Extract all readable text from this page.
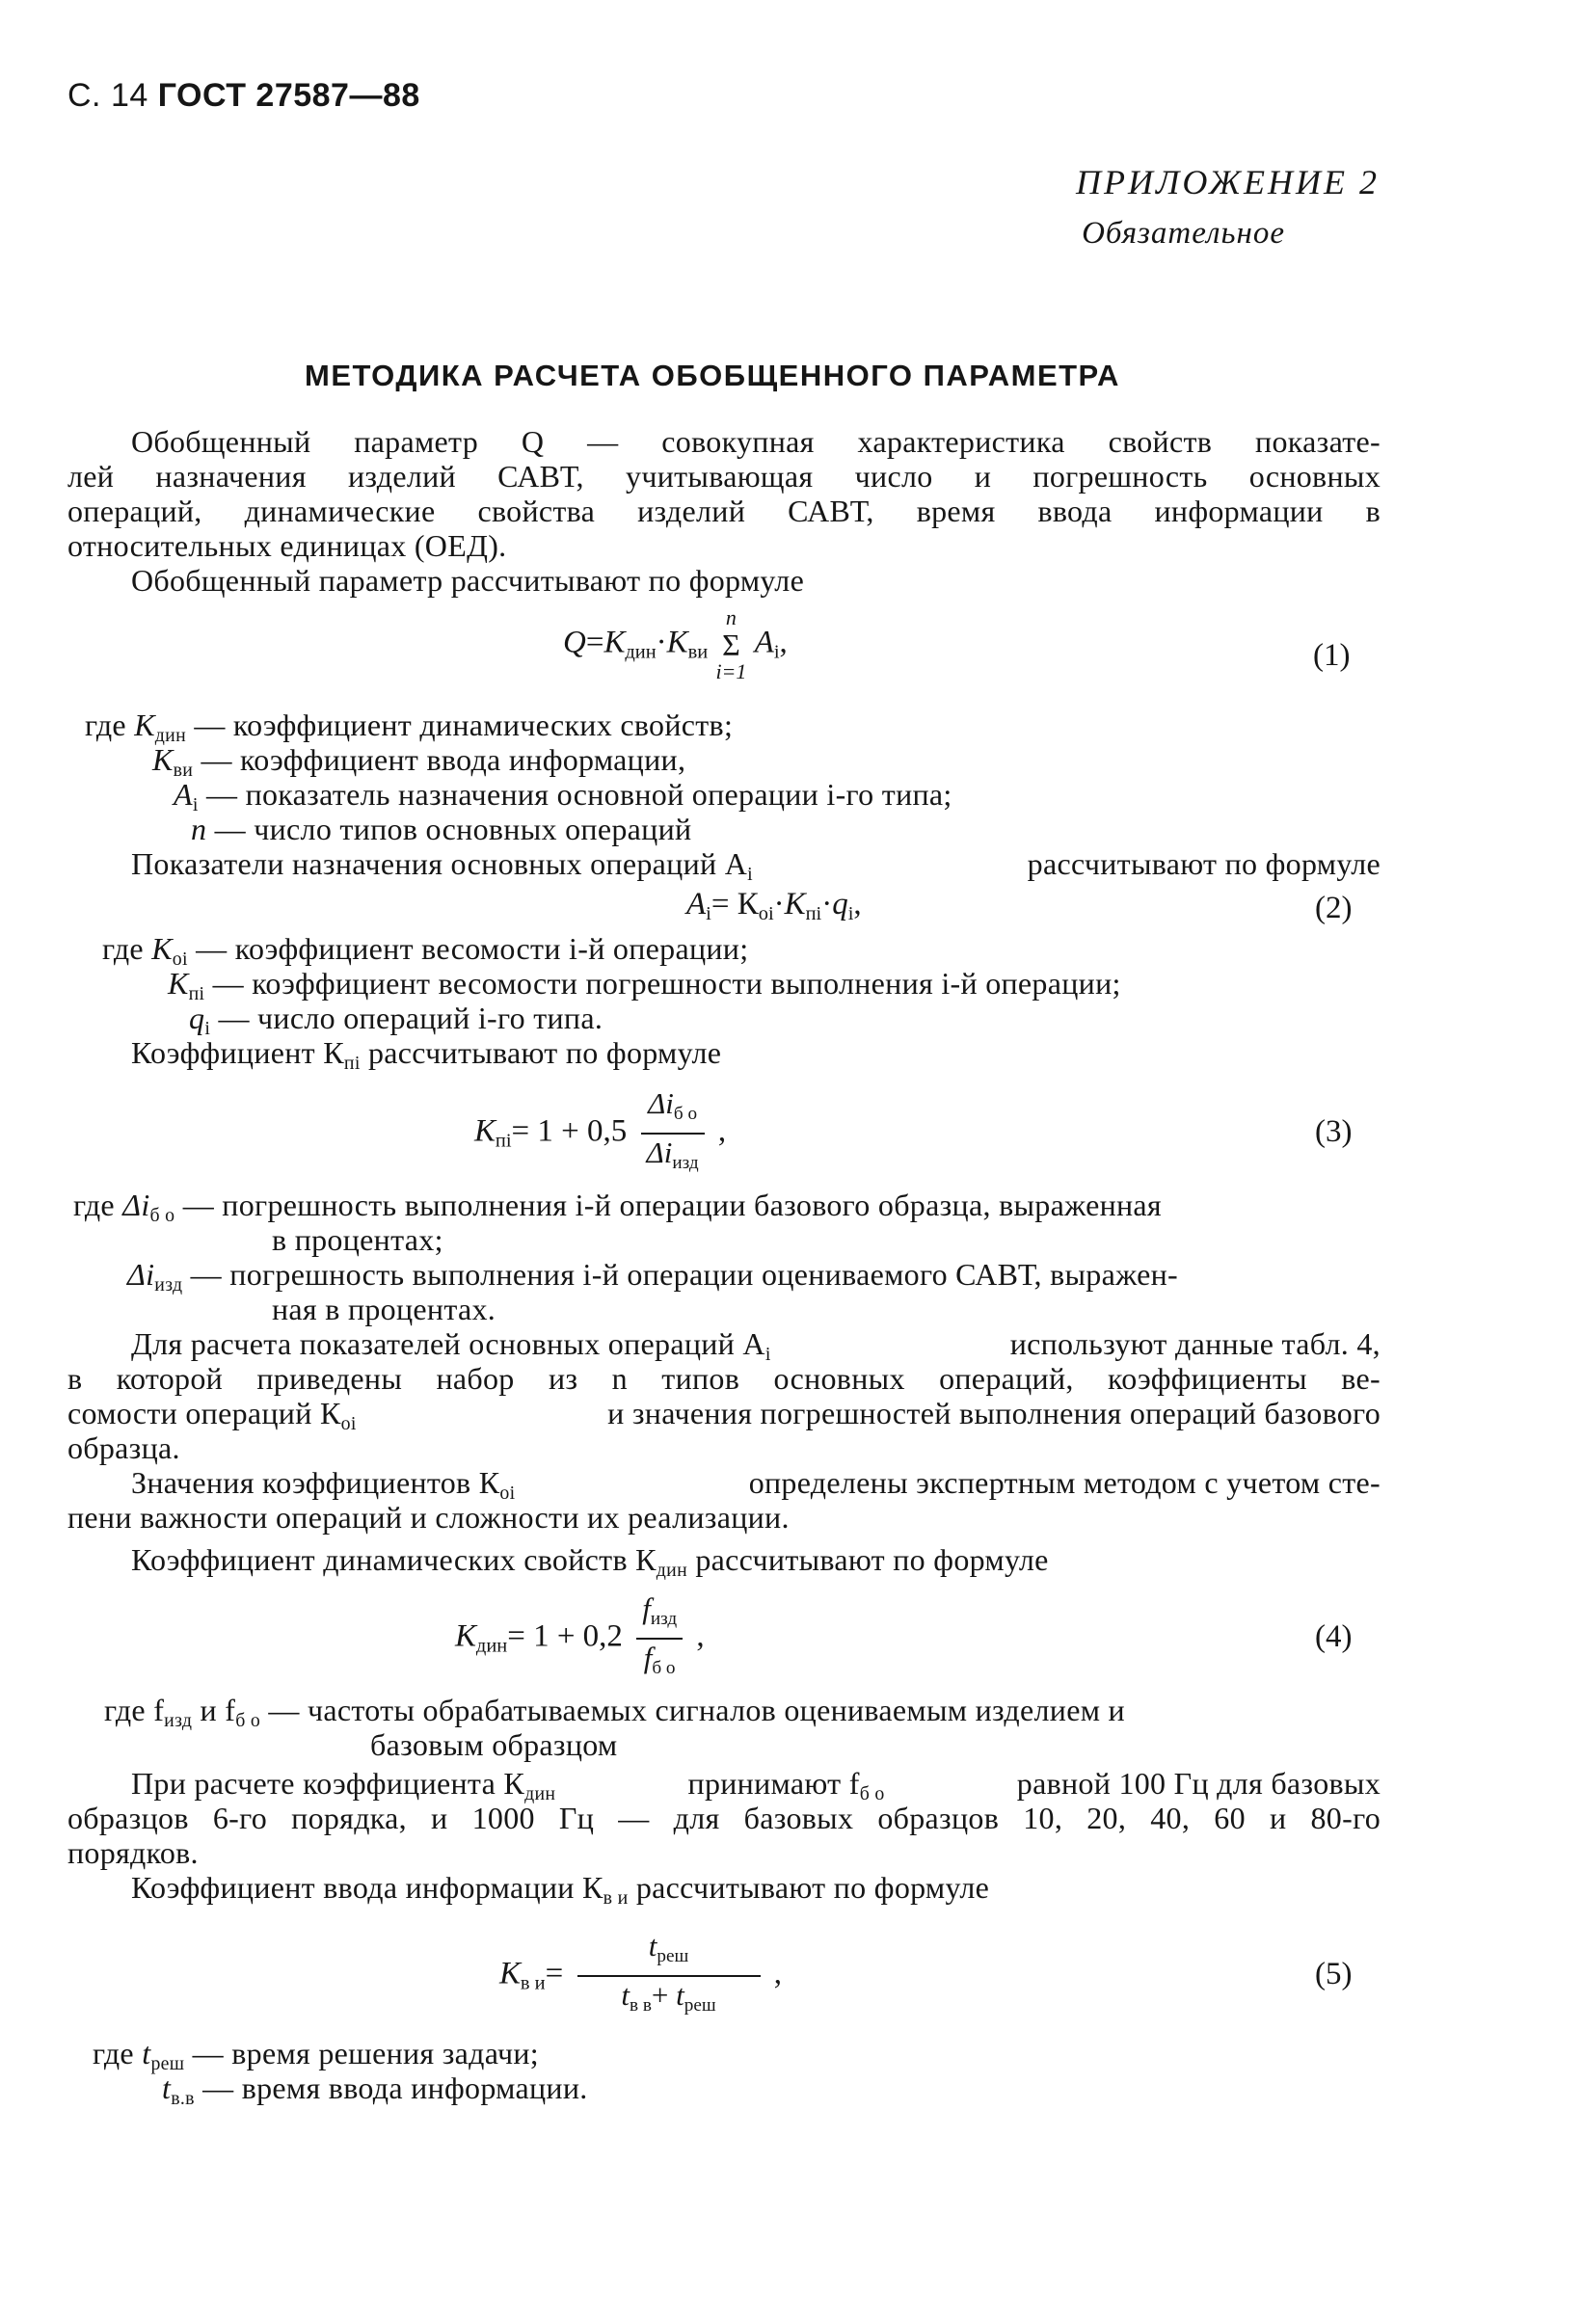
С. 14 ГОСТ 27587—88
ПРИЛОЖЕНИЕ 2
Обязательное
МЕТОДИКА РАСЧЕТА ОБОБЩЕННОГО ПАРАМЕТРА
Обобщенный параметр Q — совокупная характеристика свойств показате-
лей назначения изделий САВТ, учитывающая число и погрешность основных
операций, динамические свойства изделий САВТ, время ввода информации в
относительных единицах (ОЕД).
Обобщенный параметр рассчитывают по формуле
$Q=К_{дин}\cdot К_{ви}$
n
Σ
i=1
$A_i$,	(1)
где $К_{дин}$ — коэффициент динамических свойств;
$К_{ви}$ — коэффициент ввода информации,
$A_i$ — показатель назначения основной операции i-го типа;
n — число типов основных операций
Показатели назначения основных операций $A_i$	рассчитывают по формуле
$A_i= К_{оi}\cdot К_{пi}\cdot q_i$,	(2)
где $К_{оi}$ — коэффициент весомости i-й операции;
$К_{пi}$ — коэффициент весомости погрешности выполнения i-й операции;
$q_i$ — число операций i-го типа.
Коэффициент $К_{пi}$ рассчитывают по формуле
$К_{пi}= 1 + 0,5 \frac{\Delta i_{б о}}{\Delta i_{изд}}$ ,	(3)
где $\Delta i_{б о}$ — погрешность выполнения i-й операции базового образца, выраженная
в процентах;
$\Delta i_{изд}$ — погрешность выполнения i-й операции оцениваемого САВТ, выражен-
ная в процентах.
Для расчета показателей основных операций $A_i$	используют данные табл. 4,
в которой приведены набор из n типов основных операций, коэффициенты ве-
сомости операций $К_{оi}$	и значения погрешностей выполнения операций базового
образца.
Значения коэффициентов $К_{оi}$	определены экспертным методом с учетом сте-
пени важности операций и сложности их реализации.
Коэффициент динамических свойств $К_{дин}$ рассчитывают по формуле
$К_{дин}= 1 + 0,2 \frac{f_{изд}}{f_{б о}}$ ,	(4)
где $f_{изд}$ и $f_{б о}$ — частоты обрабатываемых сигналов оцениваемым изделием и
базовым образцом
При расчете коэффициента $К_{дин}$	принимают $f_{б о}$	равной 100 Гц для базовых
образцов 6-го порядка, и 1000 Гц — для базовых образцов 10, 20, 40, 60 и 80-го
порядков.
Коэффициент ввода информации $К_{в и}$ рассчитывают по формуле
$К_{в и}= \frac{t_{реш}}{t_{в в}+ t_{реш}}$ ,	(5)
где $t_{реш}$ — время решения задачи;
$t_{в.в}$ — время ввода информации.
